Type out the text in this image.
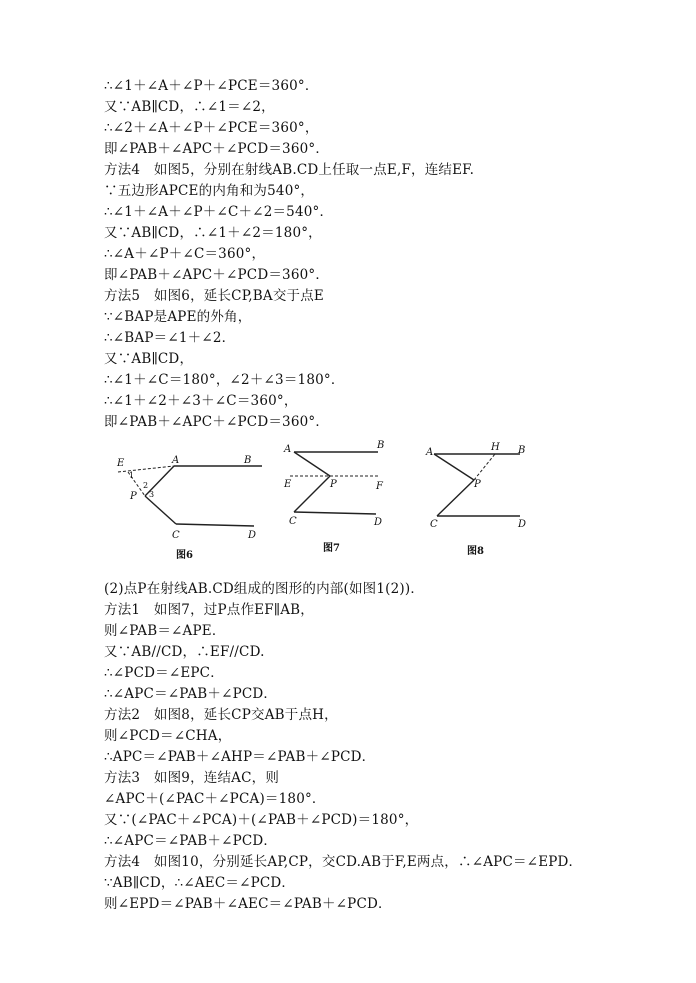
∴∠1＋∠A＋∠P＋∠PCE＝360°．
又∵AB∥CD，∴∠1＝∠2，
∴∠2＋∠A＋∠P＋∠PCE＝360°，
即∠PAB＋∠APC＋∠PCD＝360°．
方法4　如图5，分别在射线AB.CD上任取一点E,F，连结EF.
∵五边形APCE的内角和为540°，
∴∠1＋∠A＋∠P＋∠C＋∠2＝540°．
又∵AB∥CD，∴∠1＋∠2＝180°，
∴∠A＋∠P＋∠C＝360°，
即∠PAB＋∠APC＋∠PCD＝360°．
方法5　如图6，延长CP,BA交于点E
∵∠BAP是APE的外角，
∴∠BAP＝∠1＋∠2．
又∵AB∥CD，
∴∠1＋∠C＝180°，∠2＋∠3＝180°．
∴∠1＋∠2＋∠3＋∠C＝360°，
即∠PAB＋∠APC＋∠PCD＝360°．
E	A	B
P
C	D
1
2
3
图6
A	B
E	P	F
C	D
图7
A	H B
P
C	D
图8
(2)点P在射线AB.CD组成的图形的内部(如图1(2))．
方法1　如图7，过P点作EF∥AB，
则∠PAB＝∠APE．
又∵AB//CD，∴EF//CD.
∴∠PCD＝∠EPC．
∴∠APC＝∠PAB＋∠PCD．
方法2　如图8，延长CP交AB于点H，
则∠PCD＝∠CHA，
∴APC＝∠PAB＋∠AHP＝∠PAB＋∠PCD．
方法3　如图9，连结AC，则
∠APC＋(∠PAC＋∠PCA)＝180°．
又∵(∠PAC＋∠PCA)＋(∠PAB＋∠PCD)＝180°，
∴∠APC＝∠PAB＋∠PCD．
方法4　如图10，分别延长AP,CP，交CD.AB于F,E两点，∴∠APC＝∠EPD．
∵AB∥CD，∴∠AEC＝∠PCD．
则∠EPD＝∠PAB＋∠AEC＝∠PAB＋∠PCD．
